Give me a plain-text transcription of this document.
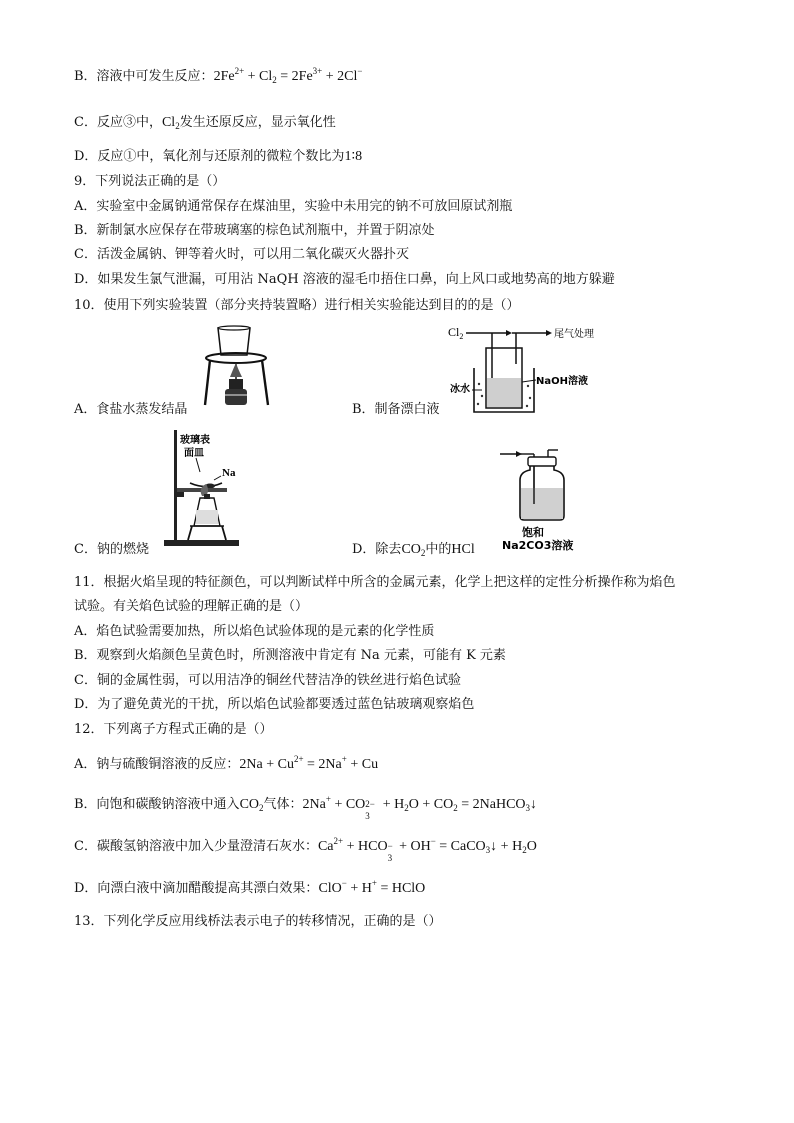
B．溶液中可发生反应：$2Fe^{2+} + Cl_2 = 2Fe^{3+} + 2Cl^-$
C．反应③中，$Cl_2$发生还原反应，显示氧化性
D．反应①中，氧化剂与还原剂的微粒个数比为1∶8
9．下列说法正确的是（）
A．实验室中金属钠通常保存在煤油里，实验中未用完的钠不可放回原试剂瓶
B．新制氯水应保存在带玻璃塞的棕色试剂瓶中，并置于阴凉处
C．活泼金属钠、钾等着火时，可以用二氧化碳灭火器扑灭
D．如果发生氯气泄漏，可用沾 NaQH 溶液的湿毛巾捂住口鼻，向上风口或地势高的地方躲避
10．使用下列实验装置（部分夹持装置略）进行相关实验能达到目的的是（）
A．食盐水蒸发结晶
$Cl_2$	尾气处理
冰水
NaOH溶液
B．制备漂白液
玻璃表
面皿
Na
C．钠的燃烧
饱和
Na2CO3溶液
D．除去$CO_2$中的HCl
11．根据火焰呈现的特征颜色，可以判断试样中所含的金属元素，化学上把这样的定性分析操作称为焰色
试验。有关焰色试验的理解正确的是（）
A．焰色试验需要加热，所以焰色试验体现的是元素的化学性质
B．观察到火焰颜色呈黄色时，所测溶液中肯定有 Na 元素，可能有 K 元素
C．铜的金属性弱，可以用洁净的铜丝代替洁净的铁丝进行焰色试验
D．为了避免黄光的干扰，所以焰色试验都要透过蓝色钴玻璃观察焰色
12．下列离子方程式正确的是（）
A．钠与硫酸铜溶液的反应：$2Na + Cu^{2+} = 2Na^+ + Cu$
B．向饱和碳酸钠溶液中通入$CO_2$气体：2Na+ + CO 2−
3
+ $H_2O + CO_2$ = 2NaHCO$_3$↓
C．碳酸氢钠溶液中加入少量澄清石灰水：$Ca^{2+}$ + HCO −
3
+ OH− = CaCO$_3$↓ + $H_2O$
D．向漂白液中滴加醋酸提高其漂白效果：ClO− + H+ = HClO
13．下列化学反应用线桥法表示电子的转移情况，正确的是（）
